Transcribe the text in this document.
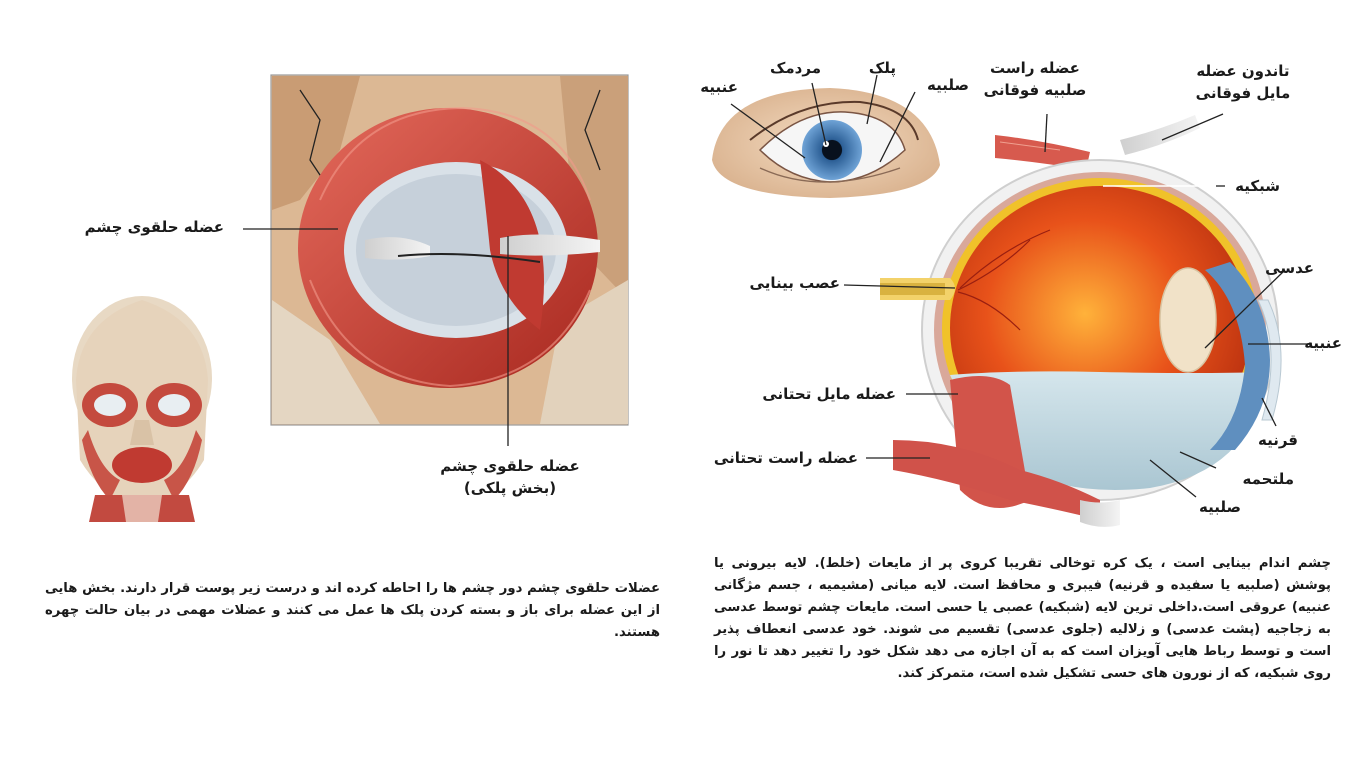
عضله حلقوی چشم
عضله حلقوی چشم
(بخش پلکی)
عنبیه
مردمک	پلک
صلبیه
عضله راست
صلبیه فوقانی
تاندون عضله
مایل فوقانی
شبکیه
عصب بینایی
عدسی
عنبیه
عضله مایل تحتانی
قرنیه
عضله راست تحتانی
ملتحمه
صلبیه
عضلات حلقوی چشم دور چشم ها را احاطه کرده اند و درست زیر پوست قرار دارند. بخش هایی از این عضله برای باز و بسته کردن پلک ها عمل می کنند و عضلات مهمی در بیان حالت چهره هستند.
چشم اندام بینایی است ، یک کره توخالی تقریبا کروی پر از مایعات (خلط). لایه بیرونی یا پوشش (صلبیه یا سفیده و قرنیه) فیبری و محافظ است. لایه میانی (مشیمیه ، جسم مژگانی عنبیه) عروقی است.داخلی ترین لایه (شبکیه) عصبی یا حسی است. مایعات چشم توسط عدسی به زجاجیه (پشت عدسی) و زلالیه (جلوی عدسی) تقسیم می شوند. خود عدسی انعطاف پذیر است و توسط رباط هایی آویزان است که به آن اجازه می دهد شکل خود را تغییر دهد تا نور را روی شبکیه، که از نورون های حسی تشکیل شده است، متمرکز کند.
